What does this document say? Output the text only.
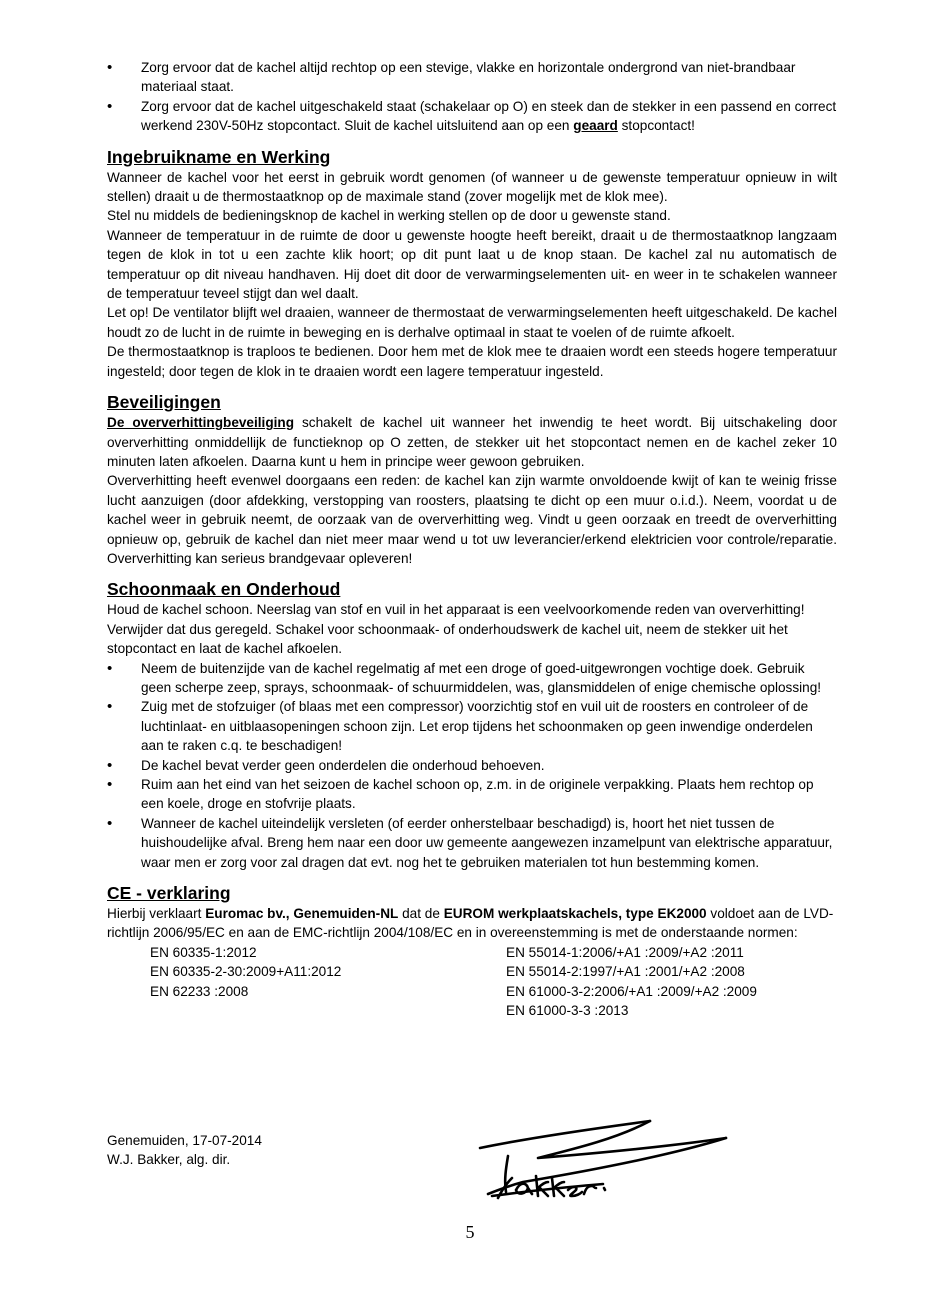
• Zorg ervoor dat de kachel altijd rechtop op een stevige, vlakke en horizontale ondergrond van niet-brandbaar materiaal staat.
• Zorg ervoor dat de kachel uitgeschakeld staat (schakelaar op O) en steek dan de stekker in een passend en correct werkend 230V-50Hz stopcontact. Sluit de kachel uitsluitend aan op een geaard stopcontact!
Ingebruikname en Werking

Wanneer de kachel voor het eerst in gebruik wordt genomen (of wanneer u de gewenste temperatuur opnieuw in wilt stellen) draait u de thermostaatknop op de maximale stand (zover mogelijk met de klok mee).

Stel nu middels de bedieningsknop de kachel in werking stellen op de door u gewenste stand.

Wanneer de temperatuur in de ruimte de door u gewenste hoogte heeft bereikt, draait u de thermostaatknop langzaam tegen de klok in tot u een zachte klik hoort; op dit punt laat u de knop staan. De kachel zal nu automatisch de temperatuur op dit niveau handhaven. Hij doet dit door de verwarmingselementen uit- en weer in te schakelen wanneer de temperatuur teveel stijgt dan wel daalt.

Let op! De ventilator blijft wel draaien, wanneer de thermostaat de verwarmingselementen heeft uitgeschakeld. De kachel houdt zo de lucht in de ruimte in beweging en is derhalve optimaal in staat te voelen of de ruimte afkoelt.

De thermostaatknop is traploos te bedienen. Door hem met de klok mee te draaien wordt een steeds hogere temperatuur ingesteld; door tegen de klok in te draaien wordt een lagere temperatuur ingesteld.

Beveiligingen

De oververhittingbeveiliging schakelt de kachel uit wanneer het inwendig te heet wordt. Bij uitschakeling door oververhitting onmiddellijk de functieknop op O zetten, de stekker uit het stopcontact nemen en de kachel zeker 10 minuten laten afkoelen. Daarna kunt u hem in principe weer gewoon gebruiken.

Oververhitting heeft evenwel doorgaans een reden: de kachel kan zijn warmte onvoldoende kwijt of kan te weinig frisse lucht aanzuigen (door afdekking, verstopping van roosters, plaatsing te dicht op een muur o.i.d.). Neem, voordat u de kachel weer in gebruik neemt, de oorzaak van de oververhitting weg. Vindt u geen oorzaak en treedt de oververhitting opnieuw op, gebruik de kachel dan niet meer maar wend u tot uw leverancier/erkend elektricien voor controle/reparatie. Oververhitting kan serieus brandgevaar opleveren!

Schoonmaak en Onderhoud

Houd de kachel schoon. Neerslag van stof en vuil in het apparaat is een veelvoorkomende reden van oververhitting! Verwijder dat dus geregeld. Schakel voor schoonmaak- of onderhoudswerk de kachel uit, neem de stekker uit het stopcontact en laat de kachel afkoelen.

• Neem de buitenzijde van de kachel regelmatig af met een droge of goed-uitgewrongen vochtige doek. Gebruik geen scherpe zeep, sprays, schoonmaak- of schuurmiddelen, was, glansmiddelen of enige chemische oplossing!
• Zuig met de stofzuiger (of blaas met een compressor) voorzichtig stof en vuil uit de roosters en controleer of de luchtinlaat- en uitblaasopeningen schoon zijn. Let erop tijdens het schoonmaken op geen inwendige onderdelen aan te raken c.q. te beschadigen!
• De kachel bevat verder geen onderdelen die onderhoud behoeven.
• Ruim aan het eind van het seizoen de kachel schoon op, z.m. in de originele verpakking. Plaats hem rechtop op een koele, droge en stofvrije plaats.
• Wanneer de kachel uiteindelijk versleten (of eerder onherstelbaar beschadigd) is, hoort het niet tussen de huishoudelijke afval. Breng hem naar een door uw gemeente aangewezen inzamelpunt van elektrische apparatuur, waar men er zorg voor zal dragen dat evt. nog het te gebruiken materialen tot hun bestemming komen.
CE - verklaring

Hierbij verklaart Euromac bv., Genemuiden-NL dat de EUROM werkplaatskachels, type EK2000 voldoet aan de LVD-richtlijn 2006/95/EC en aan de EMC-richtlijn 2004/108/EC en in overeenstemming is met de onderstaande normen:

EN 60335-1:2012
EN 60335-2-30:2009+A11:2012
EN 62233 :2008
EN 55014-1:2006/+A1 :2009/+A2 :2011
EN 55014-2:1997/+A1 :2001/+A2 :2008
EN 61000-3-2:2006/+A1 :2009/+A2 :2009
EN 61000-3-3 :2013
Genemuiden, 17-07-2014
W.J. Bakker, alg. dir.
5
